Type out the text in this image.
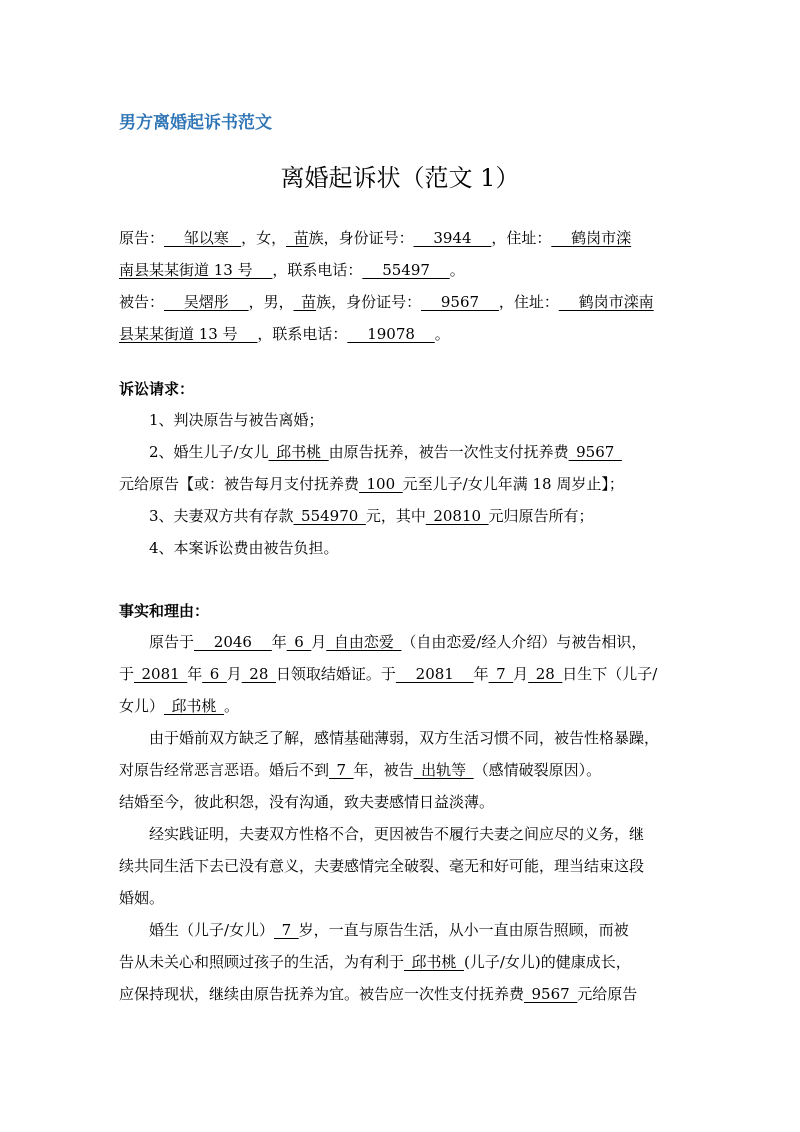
男方离婚起诉书范文
离婚起诉状（范文 1）
原告：__ 邹以寒 _，女，_苗族，身份证号：__ 3944 __，住址：__ 鹤岗市滦
南县某某街道 13 号 __，联系电话：__ 55497 __。
被告：__ 吴熠彤 __，男，_苗族，身份证号：__ 9567 __，住址：__ 鹤岗市滦南
县某某街道 13 号 __，联系电话：__ 19078 __。
诉讼请求：
1、判决原告与被告离婚；
2、婚生儿子/女儿_邱书桃_由原告抚养，被告一次性支付抚养费_9567_
元给原告【或：被告每月支付抚养费_100_元至儿子/女儿年满 18 周岁止】；
3、夫妻双方共有存款_554970_元，其中_20810_元归原告所有；
4、本案诉讼费由被告负担。
事实和理由：
原告于__ 2046 __年_6_月_自由恋爱_（自由恋爱/经人介绍）与被告相识，
于_2081_年_6_月_28_日领取结婚证。于__ 2081 __年_7_月_28_日生下（儿子/
女儿）_邱书桃_。
由于婚前双方缺乏了解，感情基础薄弱，双方生活习惯不同，被告性格暴躁，
对原告经常恶言恶语。婚后不到_7_年，被告_出轨等_（感情破裂原因）。
结婚至今，彼此积怨，没有沟通，致夫妻感情日益淡薄。
经实践证明，夫妻双方性格不合，更因被告不履行夫妻之间应尽的义务，继
续共同生活下去已没有意义，夫妻感情完全破裂、毫无和好可能，理当结束这段
婚姻。
婚生（儿子/女儿）_7_岁，一直与原告生活，从小一直由原告照顾，而被
告从未关心和照顾过孩子的生活，为有利于_邱书桃_(儿子/女儿)的健康成长，
应保持现状，继续由原告抚养为宜。被告应一次性支付抚养费_9567_元给原告
